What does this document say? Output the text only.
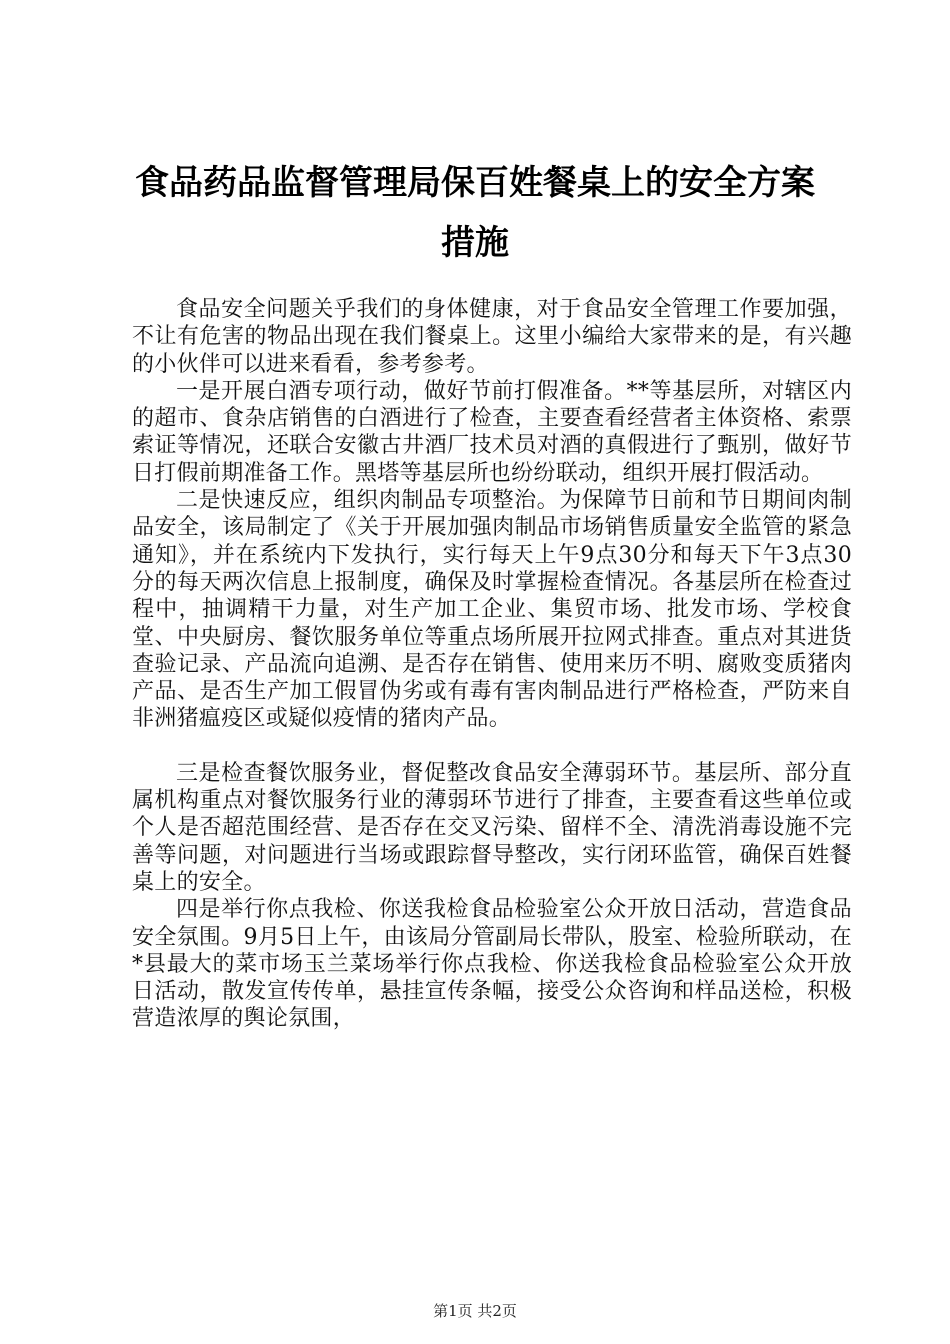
食品药品监督管理局保百姓餐桌上的安全方案
措施

食品安全问题关乎我们的身体健康，对于食品安全管理工作要加强，不让有危害的物品出现在我们餐桌上。这里小编给大家带来的是，有兴趣的小伙伴可以进来看看，参考参考。

一是开展白酒专项行动，做好节前打假准备。**等基层所，对辖区内的超市、食杂店销售的白酒进行了检查，主要查看经营者主体资格、索票索证等情况，还联合安徽古井酒厂技术员对酒的真假进行了甄别，做好节日打假前期准备工作。黑塔等基层所也纷纷联动，组织开展打假活动。

二是快速反应，组织肉制品专项整治。为保障节日前和节日期间肉制品安全，该局制定了《关于开展加强肉制品市场销售质量安全监管的紧急通知》，并在系统内下发执行，实行每天上午9点30分和每天下午3点30分的每天两次信息上报制度，确保及时掌握检查情况。各基层所在检查过程中，抽调精干力量，对生产加工企业、集贸市场、批发市场、学校食堂、中央厨房、餐饮服务单位等重点场所展开拉网式排查。重点对其进货查验记录、产品流向追溯、是否存在销售、使用来历不明、腐败变质猪肉产品、是否生产加工假冒伪劣或有毒有害肉制品进行严格检查，严防来自非洲猪瘟疫区或疑似疫情的猪肉产品。

三是检查餐饮服务业，督促整改食品安全薄弱环节。基层所、部分直属机构重点对餐饮服务行业的薄弱环节进行了排查，主要查看这些单位或个人是否超范围经营、是否存在交叉污染、留样不全、清洗消毒设施不完善等问题，对问题进行当场或跟踪督导整改，实行闭环监管，确保百姓餐桌上的安全。

四是举行你点我检、你送我检食品检验室公众开放日活动，营造食品安全氛围。9月5日上午，由该局分管副局长带队，股室、检验所联动，在*县最大的菜市场玉兰菜场举行你点我检、你送我检食品检验室公众开放日活动，散发宣传传单，悬挂宣传条幅，接受公众咨询和样品送检，积极营造浓厚的舆论氛围，

第1页 共2页
